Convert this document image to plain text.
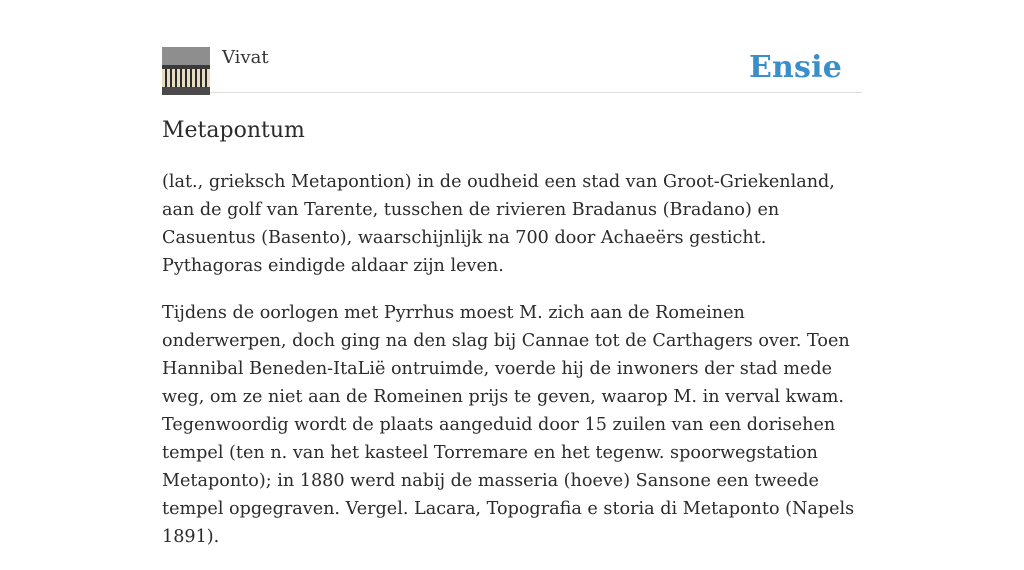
Vivat	Ensie
Metapontum

(lat., grieksch Metapontion) in de oudheid een stad van Groot-Griekenland, aan de golf van Tarente, tusschen de rivieren Bradanus (Bradano) en Casuentus (Basento), waarschijnlijk na 700 door Achaeërs gesticht. Pythagoras eindigde aldaar zijn leven.

Tijdens de oorlogen met Pyrrhus moest M. zich aan de Romeinen onderwerpen, doch ging na den slag bij Cannae tot de Carthagers over. Toen Hannibal Beneden-ItaLië ontruimde, voerde hij de inwoners der stad mede weg, om ze niet aan de Romeinen prijs te geven, waarop M. in verval kwam. Tegenwoordig wordt de plaats aangeduid door 15 zuilen van een dorisehen tempel (ten n. van het kasteel Torremare en het tegenw. spoorwegstation Metaponto); in 1880 werd nabij de masseria (hoeve) Sansone een tweede tempel opgegraven. Vergel. Lacara, Topografia e storia di Metaponto (Napels 1891).
